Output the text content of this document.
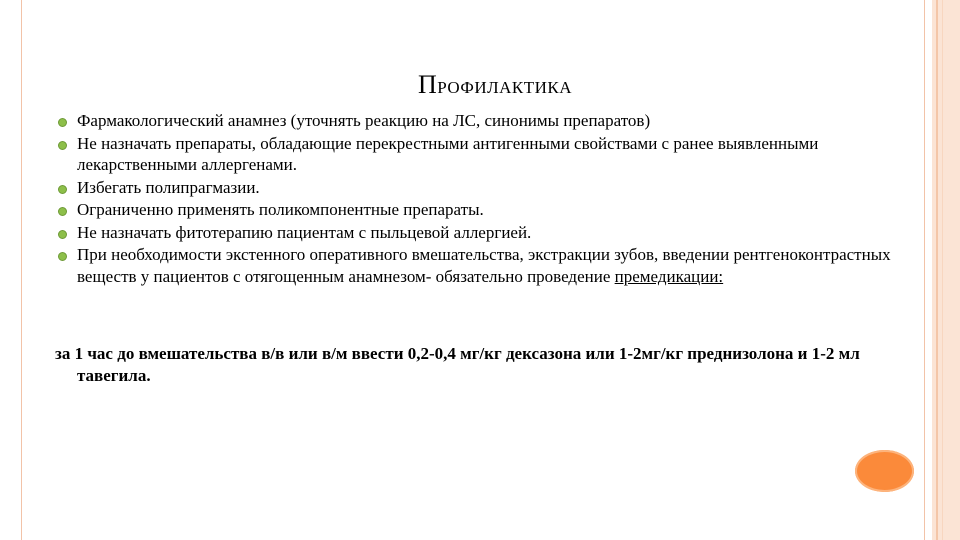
ПРОФИЛАКТИКА
Фармакологический анамнез (уточнять реакцию на ЛС, синонимы препаратов)
Не назначать препараты, обладающие перекрестными антигенными свойствами с ранее выявленными лекарственными аллергенами.
Избегать полипрагмазии.
Ограниченно применять поликомпонентные препараты.
Не назначать фитотерапию пациентам с пыльцевой аллергией.
При необходимости экстенного оперативного вмешательства, экстракции зубов, введении рентгеноконтрастных веществ у пациентов с отягощенным анамнезом- обязательно проведение премедикации:
за 1 час до вмешательства в/в или в/м ввести 0,2-0,4 мг/кг дексазона или 1-2мг/кг преднизолона и 1-2 мл тавегила.
